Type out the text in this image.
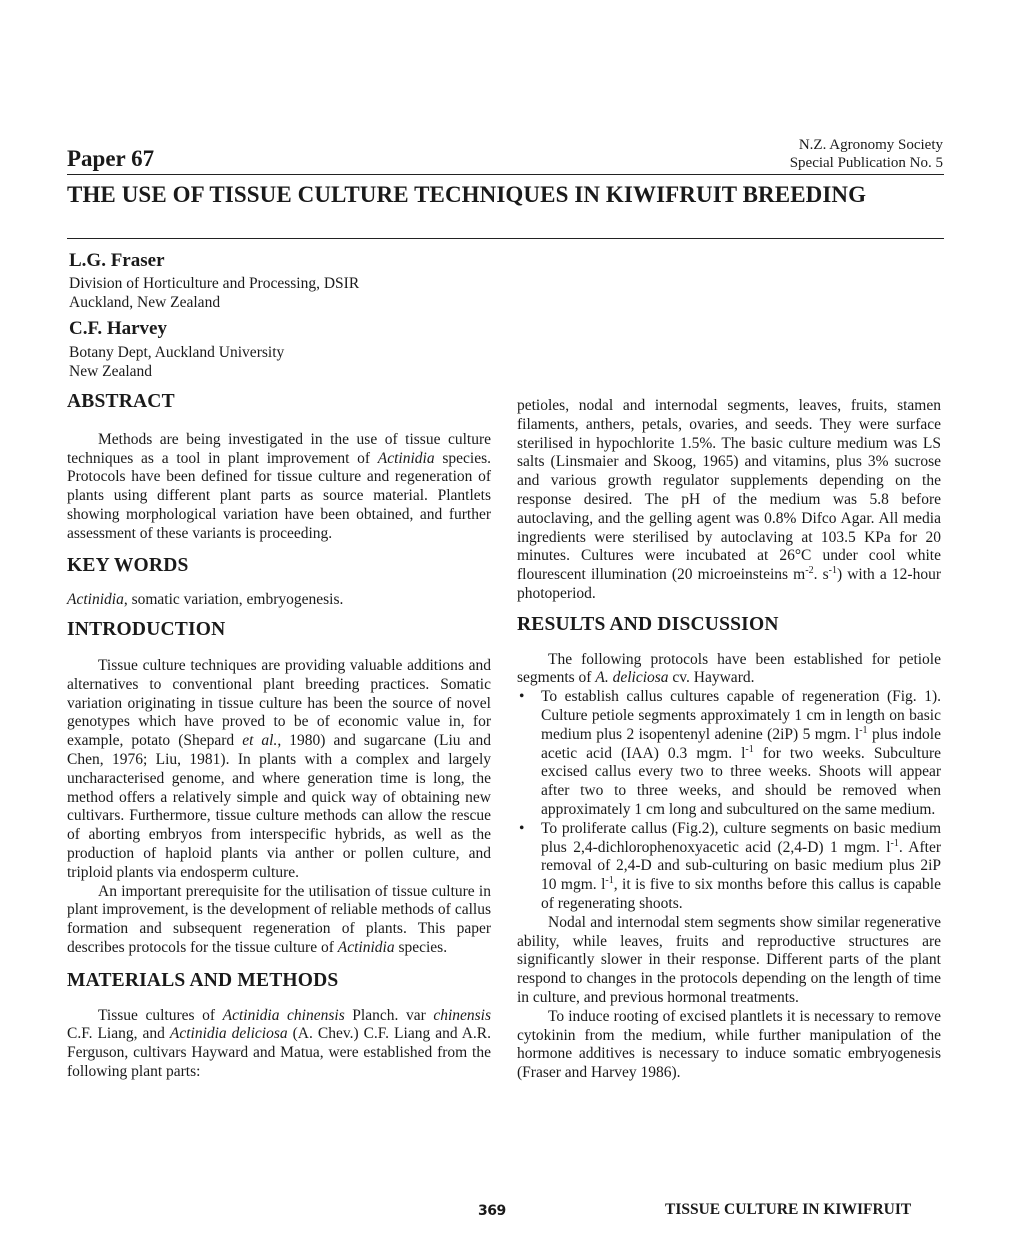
N.Z. Agronomy Society
Special Publication No. 5
Paper 67
THE USE OF TISSUE CULTURE TECHNIQUES IN KIWIFRUIT BREEDING
L.G. Fraser
Division of Horticulture and Processing, DSIR
Auckland, New Zealand
C.F. Harvey
Botany Dept, Auckland University
New Zealand
ABSTRACT

Methods are being investigated in the use of tissue culture techniques as a tool in plant improvement of Actinidia species. Protocols have been defined for tissue culture and regeneration of plants using different plant parts as source material. Plantlets showing morphological variation have been obtained, and further assessment of these variants is proceeding.

KEY WORDS

Actinidia, somatic variation, embryogenesis.

INTRODUCTION

Tissue culture techniques are providing valuable additions and alternatives to conventional plant breeding practices. Somatic variation originating in tissue culture has been the source of novel genotypes which have proved to be of economic value in, for example, potato (Shepard et al., 1980) and sugarcane (Liu and Chen, 1976; Liu, 1981). In plants with a complex and largely uncharacterised genome, and where generation time is long, the method offers a relatively simple and quick way of obtaining new cultivars. Furthermore, tissue culture methods can allow the rescue of aborting embryos from interspecific hybrids, as well as the production of haploid plants via anther or pollen culture, and triploid plants via endosperm culture.

An important prerequisite for the utilisation of tissue culture in plant improvement, is the development of reliable methods of callus formation and subsequent regeneration of plants. This paper describes protocols for the tissue culture of Actinidia species.

MATERIALS AND METHODS

Tissue cultures of Actinidia chinensis Planch. var chinensis C.F. Liang, and Actinidia deliciosa (A. Chev.) C.F. Liang and A.R. Ferguson, cultivars Hayward and Matua, were established from the following plant parts:

petioles, nodal and internodal segments, leaves, fruits, stamen filaments, anthers, petals, ovaries, and seeds. They were surface sterilised in hypochlorite 1.5%. The basic culture medium was LS salts (Linsmaier and Skoog, 1965) and vitamins, plus 3% sucrose and various growth regulator supplements depending on the response desired. The pH of the medium was 5.8 before autoclaving, and the gelling agent was 0.8% Difco Agar. All media ingredients were sterilised by autoclaving at 103.5 KPa for 20 minutes. Cultures were incubated at 26°C under cool white flourescent illumination (20 microeinsteins $m^{-2}$. $s^{-1}$) with a 12-hour photoperiod.

RESULTS AND DISCUSSION

The following protocols have been established for petiole segments of A. deliciosa cv. Hayward.

• To establish callus cultures capable of regeneration (Fig. 1). Culture petiole segments approximately 1 cm in length on basic medium plus 2 isopentenyl adenine (2iP) 5 mgm. $l^{-1}$ plus indole acetic acid (IAA) 0.3 mgm. $l^{-1}$ for two weeks. Subculture excised callus every two to three weeks. Shoots will appear after two to three weeks, and should be removed when approximately 1 cm long and subcultured on the same medium.
• To proliferate callus (Fig.2), culture segments on basic medium plus 2,4-dichlorophenoxyacetic acid (2,4-D) 1 mgm. $l^{-1}$. After removal of 2,4-D and sub-culturing on basic medium plus 2iP 10 mgm. $l^{-1}$, it is five to six months before this callus is capable of regenerating shoots.

Nodal and internodal stem segments show similar regenerative ability, while leaves, fruits and reproductive structures are significantly slower in their response. Different parts of the plant respond to changes in the protocols depending on the length of time in culture, and previous hormonal treatments.

To induce rooting of excised plantlets it is necessary to remove cytokinin from the medium, while further manipulation of the hormone additives is necessary to induce somatic embryogenesis (Fraser and Harvey 1986).

369	TISSUE CULTURE IN KIWIFRUIT
